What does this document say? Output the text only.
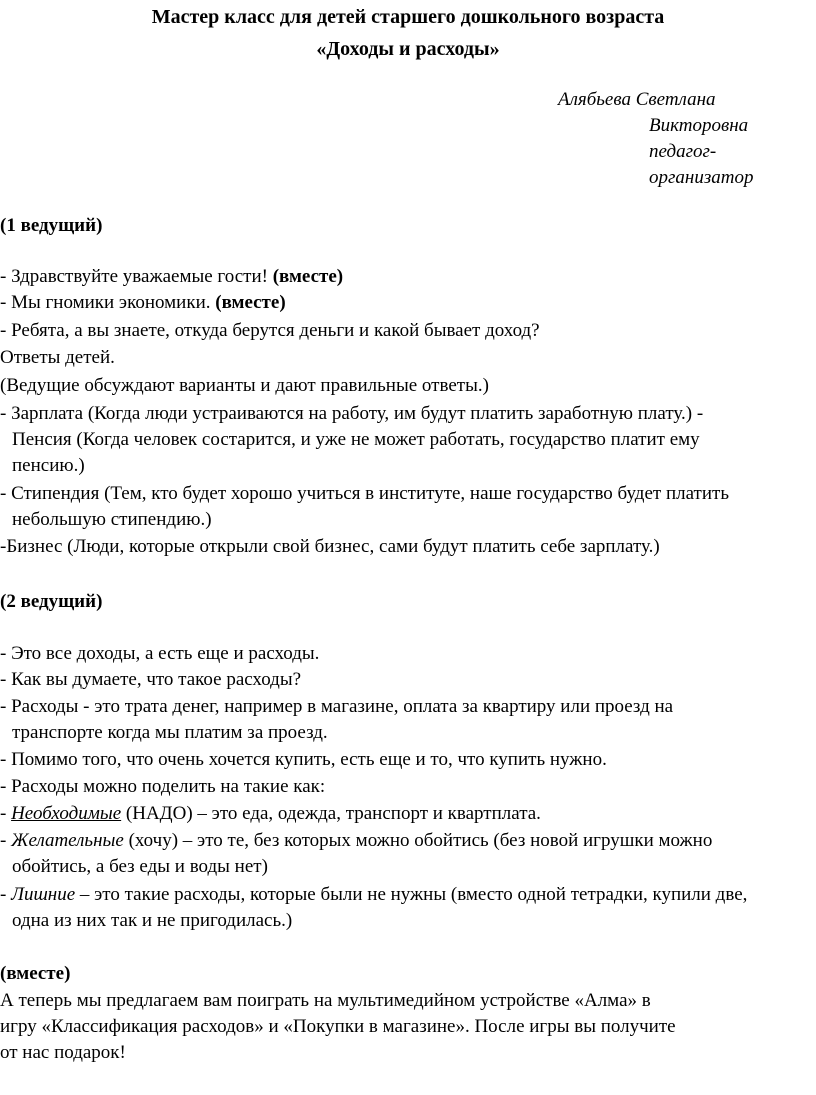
Мастер класс для детей старшего дошкольного возраста
«Доходы и расходы»
Алябьева Светлана
Викторовна
педагог-
организатор
(1 ведущий)
- Здравствуйте уважаемые гости! (вместе)
- Мы гномики экономики. (вместе)
- Ребята, а вы знаете, откуда берутся деньги и какой бывает доход?
Ответы детей.
(Ведущие обсуждают варианты и дают правильные ответы.)
- Зарплата (Когда люди устраиваются на работу, им будут платить заработную плату.) -
Пенсия (Когда человек состарится, и уже не может работать, государство платит ему
пенсию.)
- Стипендия (Тем, кто будет хорошо учиться в институте, наше государство будет платить
небольшую стипендию.)
-Бизнес (Люди, которые открыли свой бизнес, сами будут платить себе зарплату.)
(2 ведущий)
- Это все доходы, а есть еще и расходы.
- Как вы думаете, что такое расходы?
- Расходы - это трата денег, например в магазине, оплата за квартиру или проезд на
транспорте когда мы платим за проезд.
- Помимо того, что очень хочется купить, есть еще и то, что купить нужно.
- Расходы можно поделить на такие как:
- Необходимые (НАДО) – это еда, одежда, транспорт и квартплата.
- Желательные (хочу) – это те, без которых можно обойтись (без новой игрушки можно
обойтись, а без еды и воды нет)
- Лишние – это такие расходы, которые были не нужны (вместо одной тетрадки, купили две,
одна из них так и не пригодилась.)
(вместе)
А теперь мы предлагаем вам поиграть на мультимедийном устройстве «Алма» в
игру «Классификация расходов» и «Покупки в магазине». После игры вы получите
от нас подарок!
